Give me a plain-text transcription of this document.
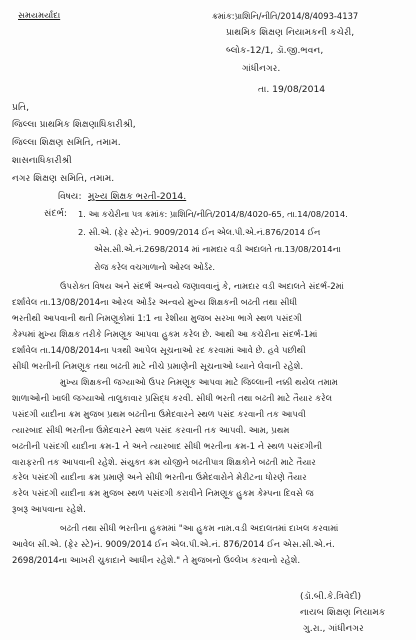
સમયમર્યાદા	ક્રમાંક:પ્રાશિનિ/નીતિ/2014/8/4093-4137
પ્રાથમિક શિક્ષણ નિયામકની કચેરી,
બ્લોક-12/1, ડૉ.જી.ભવન,
ગાંધીનગર.
તા. 19/08/2014
પ્રતિ,
જિલ્લા પ્રાથમિક શિક્ષણાધિકારીશ્રી,
જિલ્લા શિક્ષણ સમિતિ, તમામ.
શાસનાધિકારીશ્રી
નગર શિક્ષણ સમિતિ, તમામ.
વિષય: મુખ્ય શિક્ષક ભરતી-2014.
સંદર્ભ: 1. આ કચેરીના પત્ર ક્રમાંક: પ્રાશિનિ/નીતિ/2014/8/4020-65, તા.14/08/2014.
2. સી.એ. (ફેર સ્ટે)નં. 9009/2014 ઈન એલ.પી.એ.નં.876/2014 ઈન
એસ.સી.એ.નં.2698/2014 માં નામદાર વડી અદાલતે તા.13/08/2014ના
રોજ કરેલ વચગાળાનો ઓરલ ઓર્ડર.
ઉપરોક્ત વિષય અને સંદર્ભ અન્વયે જણાવવાનું કે, નામદાર વડી અદાલતે સંદર્ભ-2માં
દર્શાવેલ તા.13/08/2014ના ઓરલ ઓર્ડર અન્વયે મુખ્ય શિક્ષકની બઢતી તથા સીધી
ભરતીથી આપવાની થતી નિમણૂકોમાં 1:1 ના રેશીયા મુજબ સરખા ભાગે સ્થળ પસંદગી
કેમ્પમાં મુખ્ય શિક્ષક તરીકે નિમણૂક આપવા હુકમ કરેલ છે. આથી આ કચેરીના સંદર્ભ-1માં
દર્શાવેલ તા.14/08/2014ના પત્રથી આપેલ સૂચનાઓ રદ કરવામાં આવે છે. હવે પછીથી
સીધી ભરતીની નિમણૂક તથા બઢતી માટે નીચે પ્રમાણેની સૂચનાઓ ધ્યાને લેવાની રહેશે.
મુખ્ય શિક્ષકની જગ્યાઓ ઉપર નિમણૂક આપવા માટે જિલ્લાની નક્કી થયેલ તમામ
શાળાઓની ખાલી જગ્યાઓ તાલુકાવાર પ્રસિદ્ધ કરવી. સીધી ભરતી તથા બઢતી માટે તૈયાર કરેલ
પસંદગી યાદીના ક્રમ મુજબ પ્રથમ બઢતીના ઉમેદવારને સ્થળ પસંદ કરવાની તક આપવી
ત્યારબાદ સીધી ભરતીના ઉમેદવારને સ્થળ પસંદ કરવાની તક આપવી. આમ, પ્રથમ
બઢતીની પસંદગી યાદીના ક્રમ-1 ને અને ત્યારબાદ સીધી ભરતીના ક્રમ-1 ને સ્થળ પસંદગીની
વારાફરતી તક આપવાની રહેશે. સંયુક્ત ક્રમ યોજીને બઢતીપાત્ર શિક્ષકોને બઢતી માટે તૈયાર
કરેલ પસંદગી યાદીના ક્રમ પ્રમાણે અને સીધી ભરતીના ઉમેદવારોને મેરીટના ધોરણે તૈયાર
કરેલ પસંદગી યાદીના ક્રમ મુજબ સ્થળ પસંદગી કરાવીને નિમણૂક હુકમ કેમ્પના દિવસે જ
રૂબરૂ આપવાના રહેશે.
બઢતી તથા સીધી ભરતીના હુકમમાં "આ હુકમ નામ.વડી અદાલતમાં દાખલ કરવામાં
આવેલ સી.એ. (ફેર સ્ટે)નં. 9009/2014 ઈન એલ.પી.એ.નં. 876/2014 ઈન એસ.સી.એ.નં.
2698/2014ના આખરી ચુકાદાને આધીન રહેશે." તે મુજબનો ઉલ્લેખ કરવાનો રહેશે.
(ડૉ.બી.કે.ત્રિવેદી)
નાયબ શિક્ષણ નિયામક
ગુ.રા., ગાંધીનગર
